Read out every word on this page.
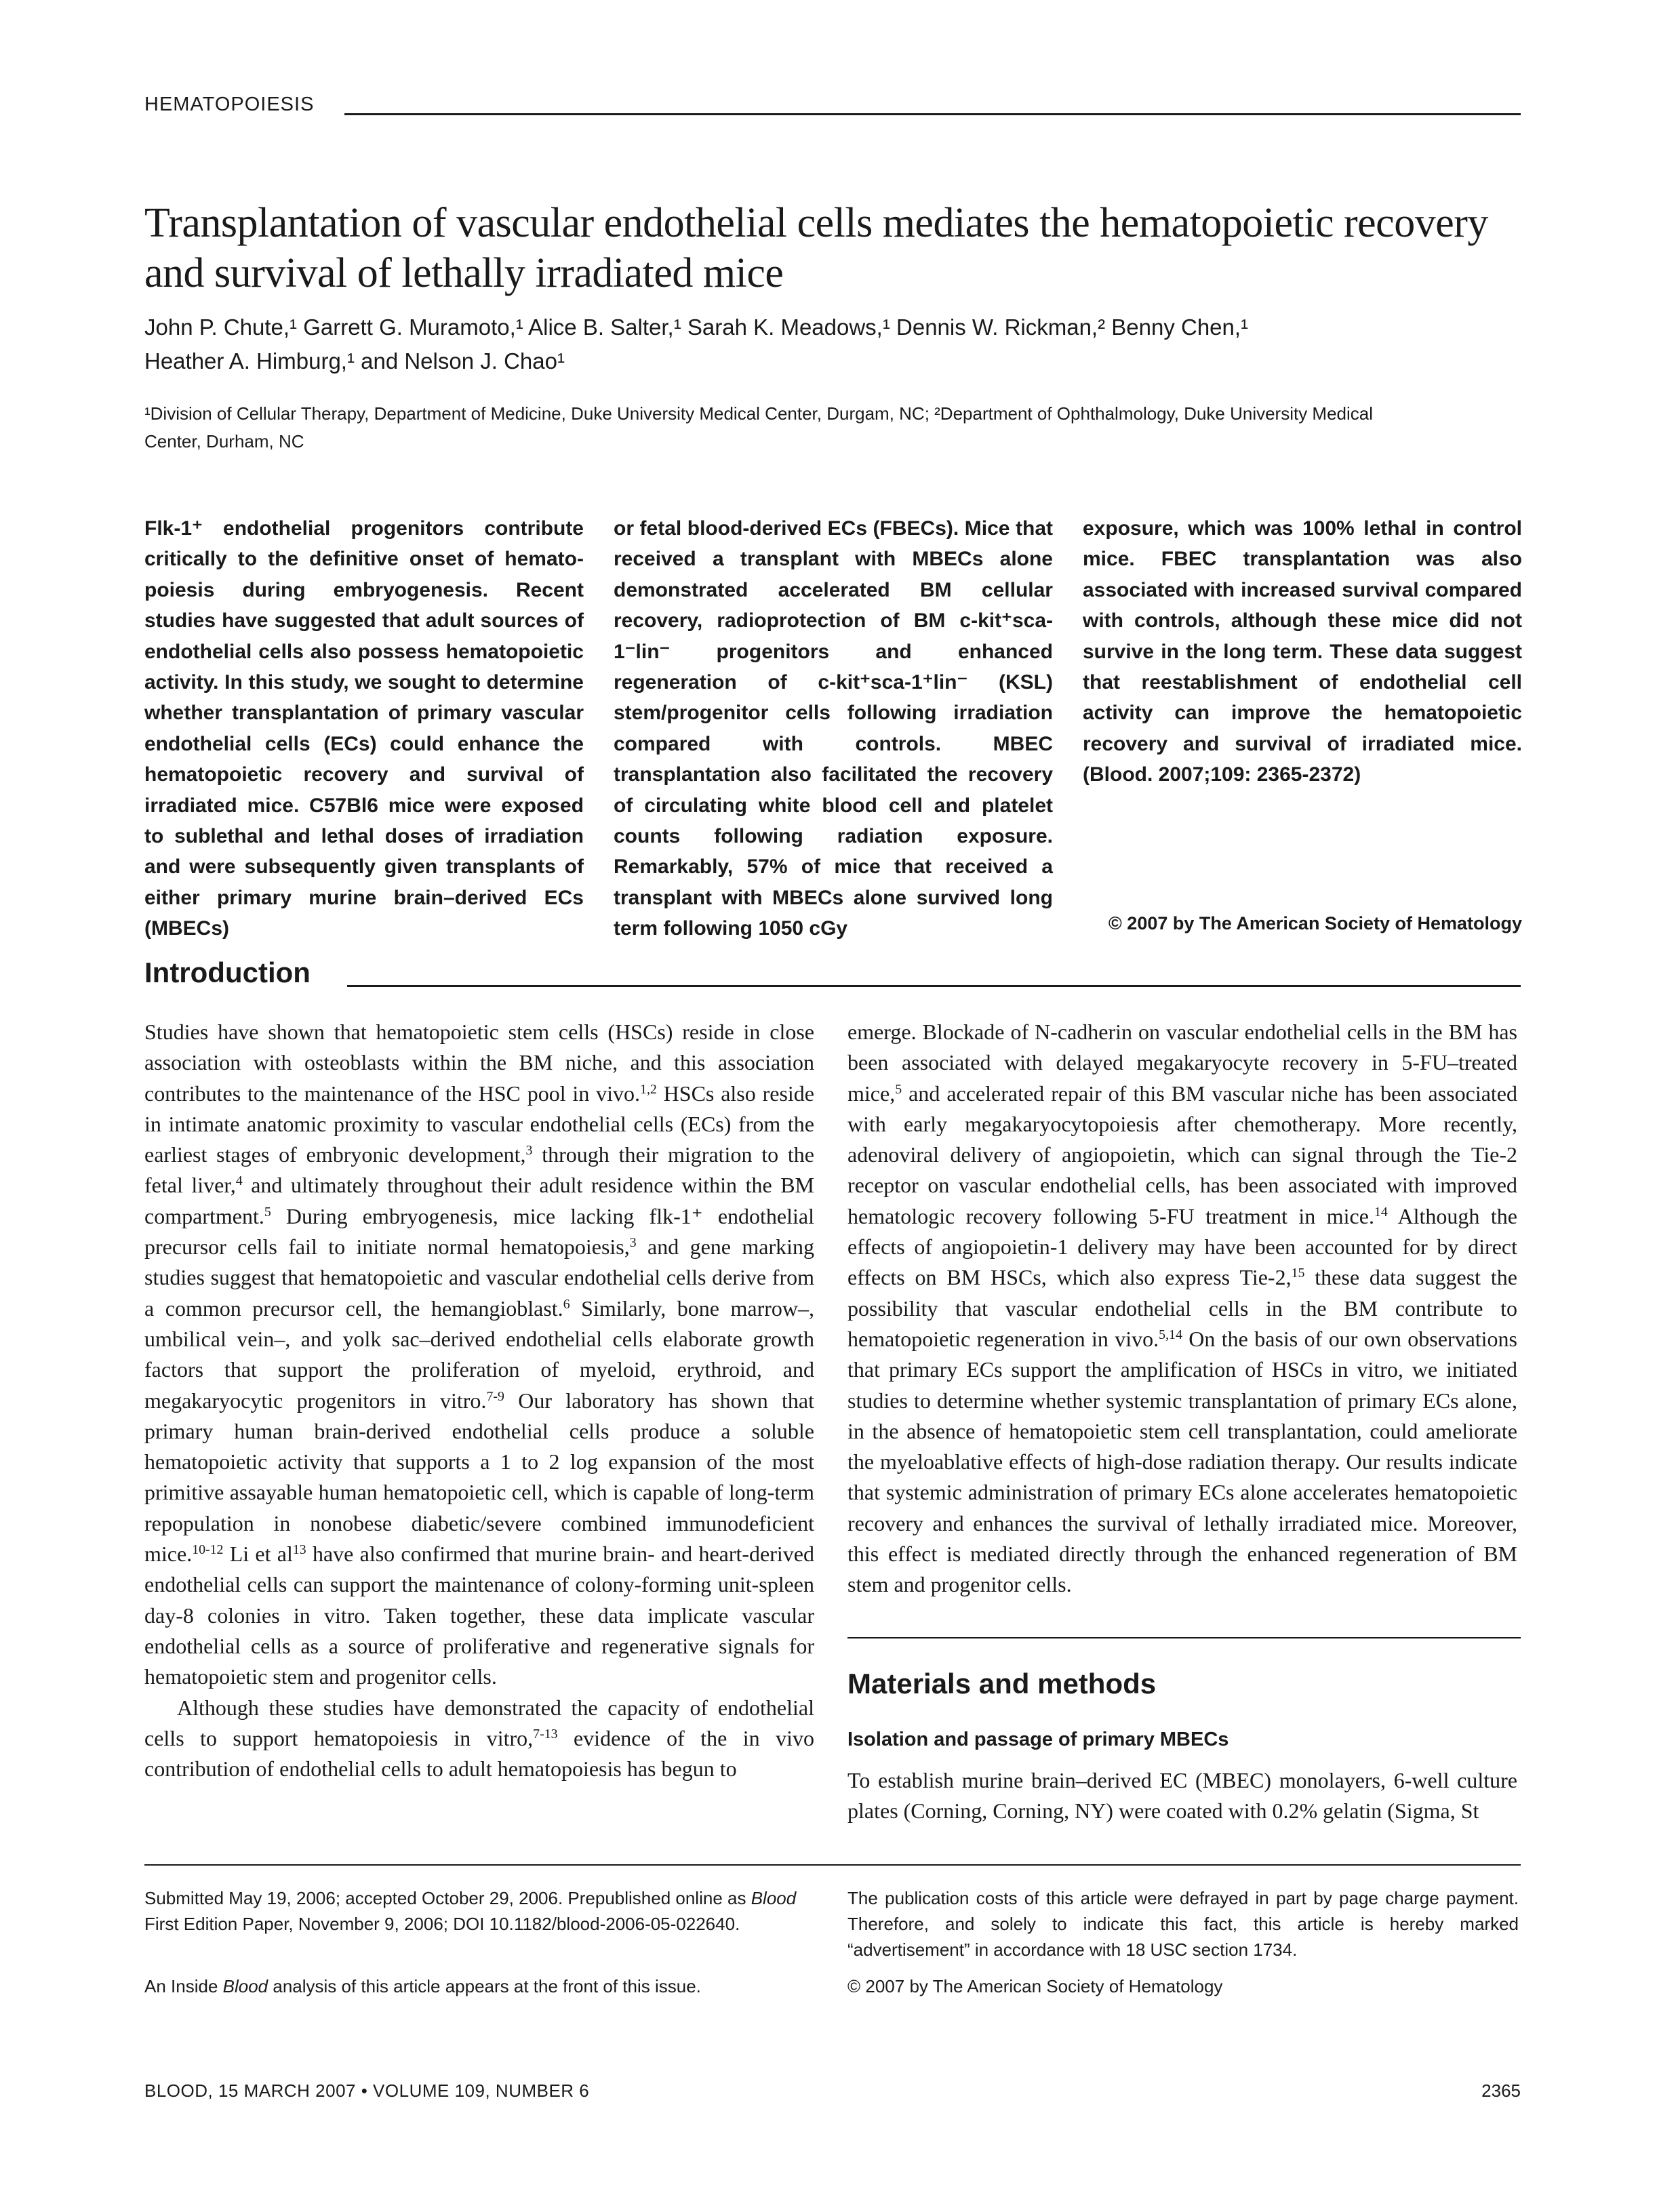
HEMATOPOIESIS
Transplantation of vascular endothelial cells mediates the hematopoietic recovery and survival of lethally irradiated mice
John P. Chute,¹ Garrett G. Muramoto,¹ Alice B. Salter,¹ Sarah K. Meadows,¹ Dennis W. Rickman,² Benny Chen,¹
Heather A. Himburg,¹ and Nelson J. Chao¹
¹Division of Cellular Therapy, Department of Medicine, Duke University Medical Center, Durgam, NC; ²Department of Ophthalmology, Duke University Medical
Center, Durham, NC
Flk-1⁺ endothelial progenitors contribute critically to the definitive onset of hematopoiesis during embryogenesis. Recent studies have suggested that adult sources of endothelial cells also possess hematopoietic activity. In this study, we sought to determine whether transplantation of primary vascular endothelial cells (ECs) could enhance the hematopoietic recovery and survival of irradiated mice. C57Bl6 mice were exposed to sublethal and lethal doses of irradiation and were subsequently given transplants of either primary murine brain–derived ECs (MBECs)
or fetal blood-derived ECs (FBECs). Mice that received a transplant with MBECs alone demonstrated accelerated BM cellular recovery, radioprotection of BM c-kit⁺sca-1⁻lin⁻ progenitors and enhanced regeneration of c-kit⁺sca-1⁺lin⁻ (KSL) stem/progenitor cells following irradiation compared with controls. MBEC transplantation also facilitated the recovery of circulating white blood cell and platelet counts following radiation exposure. Remarkably, 57% of mice that received a transplant with MBECs alone survived long term following 1050 cGy
exposure, which was 100% lethal in control mice. FBEC transplantation was also associated with increased survival compared with controls, although these mice did not survive in the long term. These data suggest that reestablishment of endothelial cell activity can improve the hematopoietic recovery and survival of irradiated mice. (Blood. 2007;109: 2365-2372)
© 2007 by The American Society of Hematology
Introduction

Studies have shown that hematopoietic stem cells (HSCs) reside in close association with osteoblasts within the BM niche, and this association contributes to the maintenance of the HSC pool in vivo.$^{1,2}$ HSCs also reside in intimate anatomic proximity to vascular endothelial cells (ECs) from the earliest stages of embryonic development,$^3$ through their migration to the fetal liver,$^4$ and ultimately throughout their adult residence within the BM compartment.$^5$ During embryogenesis, mice lacking flk-1⁺ endothelial precursor cells fail to initiate normal hematopoiesis,$^3$ and gene marking studies suggest that hematopoietic and vascular endothelial cells derive from a common precursor cell, the hemangioblast.$^6$ Similarly, bone marrow–, umbilical vein–, and yolk sac–derived endothelial cells elaborate growth factors that support the proliferation of myeloid, erythroid, and megakaryocytic progenitors in vitro.$^{7-9}$ Our laboratory has shown that primary human brain-derived endothelial cells produce a soluble hematopoietic activity that supports a 1 to 2 log expansion of the most primitive assayable human hematopoietic cell, which is capable of long-term repopulation in nonobese diabetic/severe combined immunodeficient mice.$^{10-12}$ Li et $al^{13}$ have also confirmed that murine brain- and heart-derived endothelial cells can support the maintenance of colony-forming unit-spleen day-8 colonies in vitro. Taken together, these data implicate vascular endothelial cells as a source of proliferative and regenerative signals for hematopoietic stem and progenitor cells.

Although these studies have demonstrated the capacity of endothelial cells to support hematopoiesis in vitro,$^{7-13}$ evidence of the in vivo contribution of endothelial cells to adult hematopoiesis has begun to

emerge. Blockade of N-cadherin on vascular endothelial cells in the BM has been associated with delayed megakaryocyte recovery in 5-FU–treated mice,$^5$ and accelerated repair of this BM vascular niche has been associated with early megakaryocytopoiesis after chemotherapy. More recently, adenoviral delivery of angiopoietin, which can signal through the Tie-2 receptor on vascular endothelial cells, has been associated with improved hematologic recovery following 5-FU treatment in mice.$^{14}$ Although the effects of angiopoietin-1 delivery may have been accounted for by direct effects on BM HSCs, which also express Tie-2,15 these data suggest the possibility that vascular endothelial cells in the BM contribute to hematopoietic regeneration in vivo.$^{5,14}$ On the basis of our own observations that primary ECs support the amplification of HSCs in vitro, we initiated studies to determine whether systemic transplantation of primary ECs alone, in the absence of hematopoietic stem cell transplantation, could ameliorate the myeloablative effects of high-dose radiation therapy. Our results indicate that systemic administration of primary ECs alone accelerates hematopoietic recovery and enhances the survival of lethally irradiated mice. Moreover, this effect is mediated directly through the enhanced regeneration of BM stem and progenitor cells.

Materials and methods
Isolation and passage of primary MBECs

To establish murine brain–derived EC (MBEC) monolayers, 6-well culture plates (Corning, Corning, NY) were coated with 0.2% gelatin (Sigma, St

Submitted May 19, 2006; accepted October 29, 2006. Prepublished online as Blood First Edition Paper, November 9, 2006; DOI 10.1182/blood-2006-05-022640.
An Inside Blood analysis of this article appears at the front of this issue.
The publication costs of this article were defrayed in part by page charge payment. Therefore, and solely to indicate this fact, this article is hereby marked “advertisement” in accordance with 18 USC section 1734.
© 2007 by The American Society of Hematology
BLOOD, 15 MARCH 2007 • VOLUME 109, NUMBER 6	2365
